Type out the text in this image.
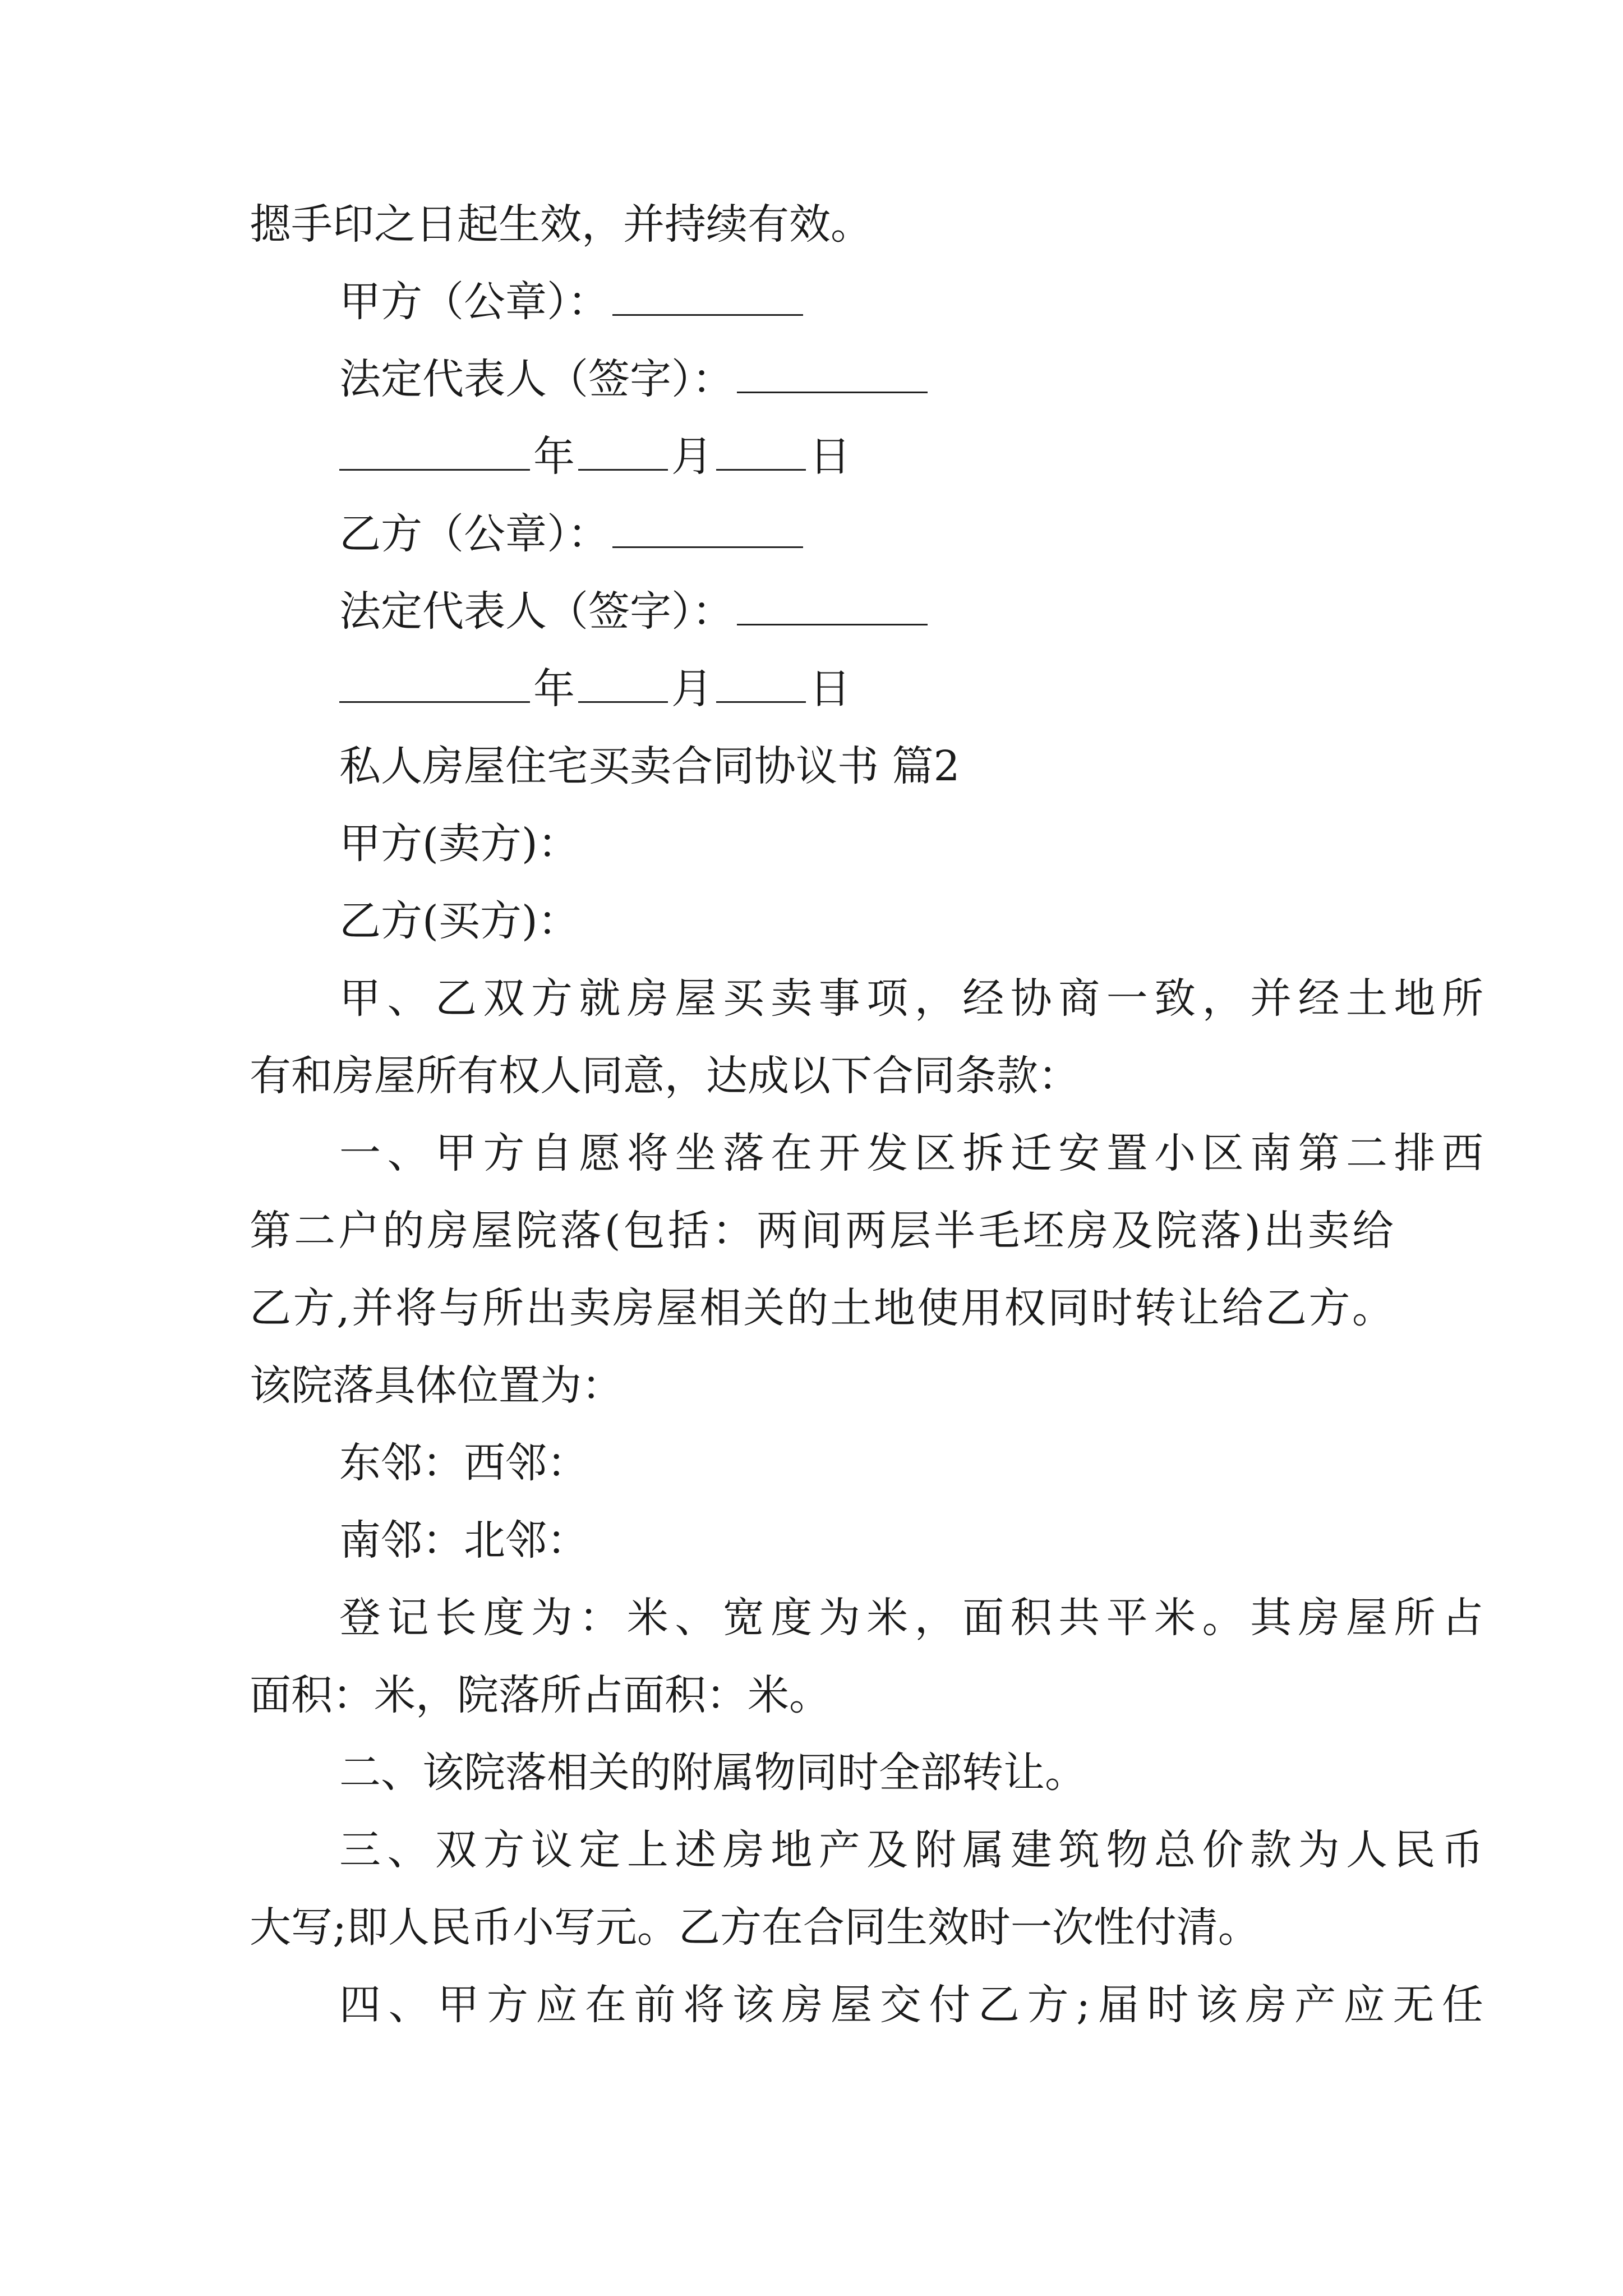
摁手印之日起生效，并持续有效。
甲方（公章）：
法定代表人（签字）：
年 月 日
乙方（公章）：
法定代表人（签字）：
年 月 日
私人房屋住宅买卖合同协议书 篇2
甲方(卖方)：
乙方(买方)：
甲、乙双方就房屋买卖事项，经协商一致，并经土地所
有和房屋所有权人同意，达成以下合同条款：
一、甲方自愿将坐落在开发区拆迁安置小区南第二排西
第二户的房屋院落(包括：两间两层半毛坯房及院落)出卖给
乙方,并将与所出卖房屋相关的土地使用权同时转让给乙方。
该院落具体位置为：
东邻：西邻：
南邻：北邻：
登记长度为：米、宽度为米，面积共平米。其房屋所占
面积：米，院落所占面积：米。
二、该院落相关的附属物同时全部转让。
三、双方议定上述房地产及附属建筑物总价款为人民币
大写;即人民币小写元。乙方在合同生效时一次性付清。
四、甲方应在前将该房屋交付乙方;届时该房产应无任
